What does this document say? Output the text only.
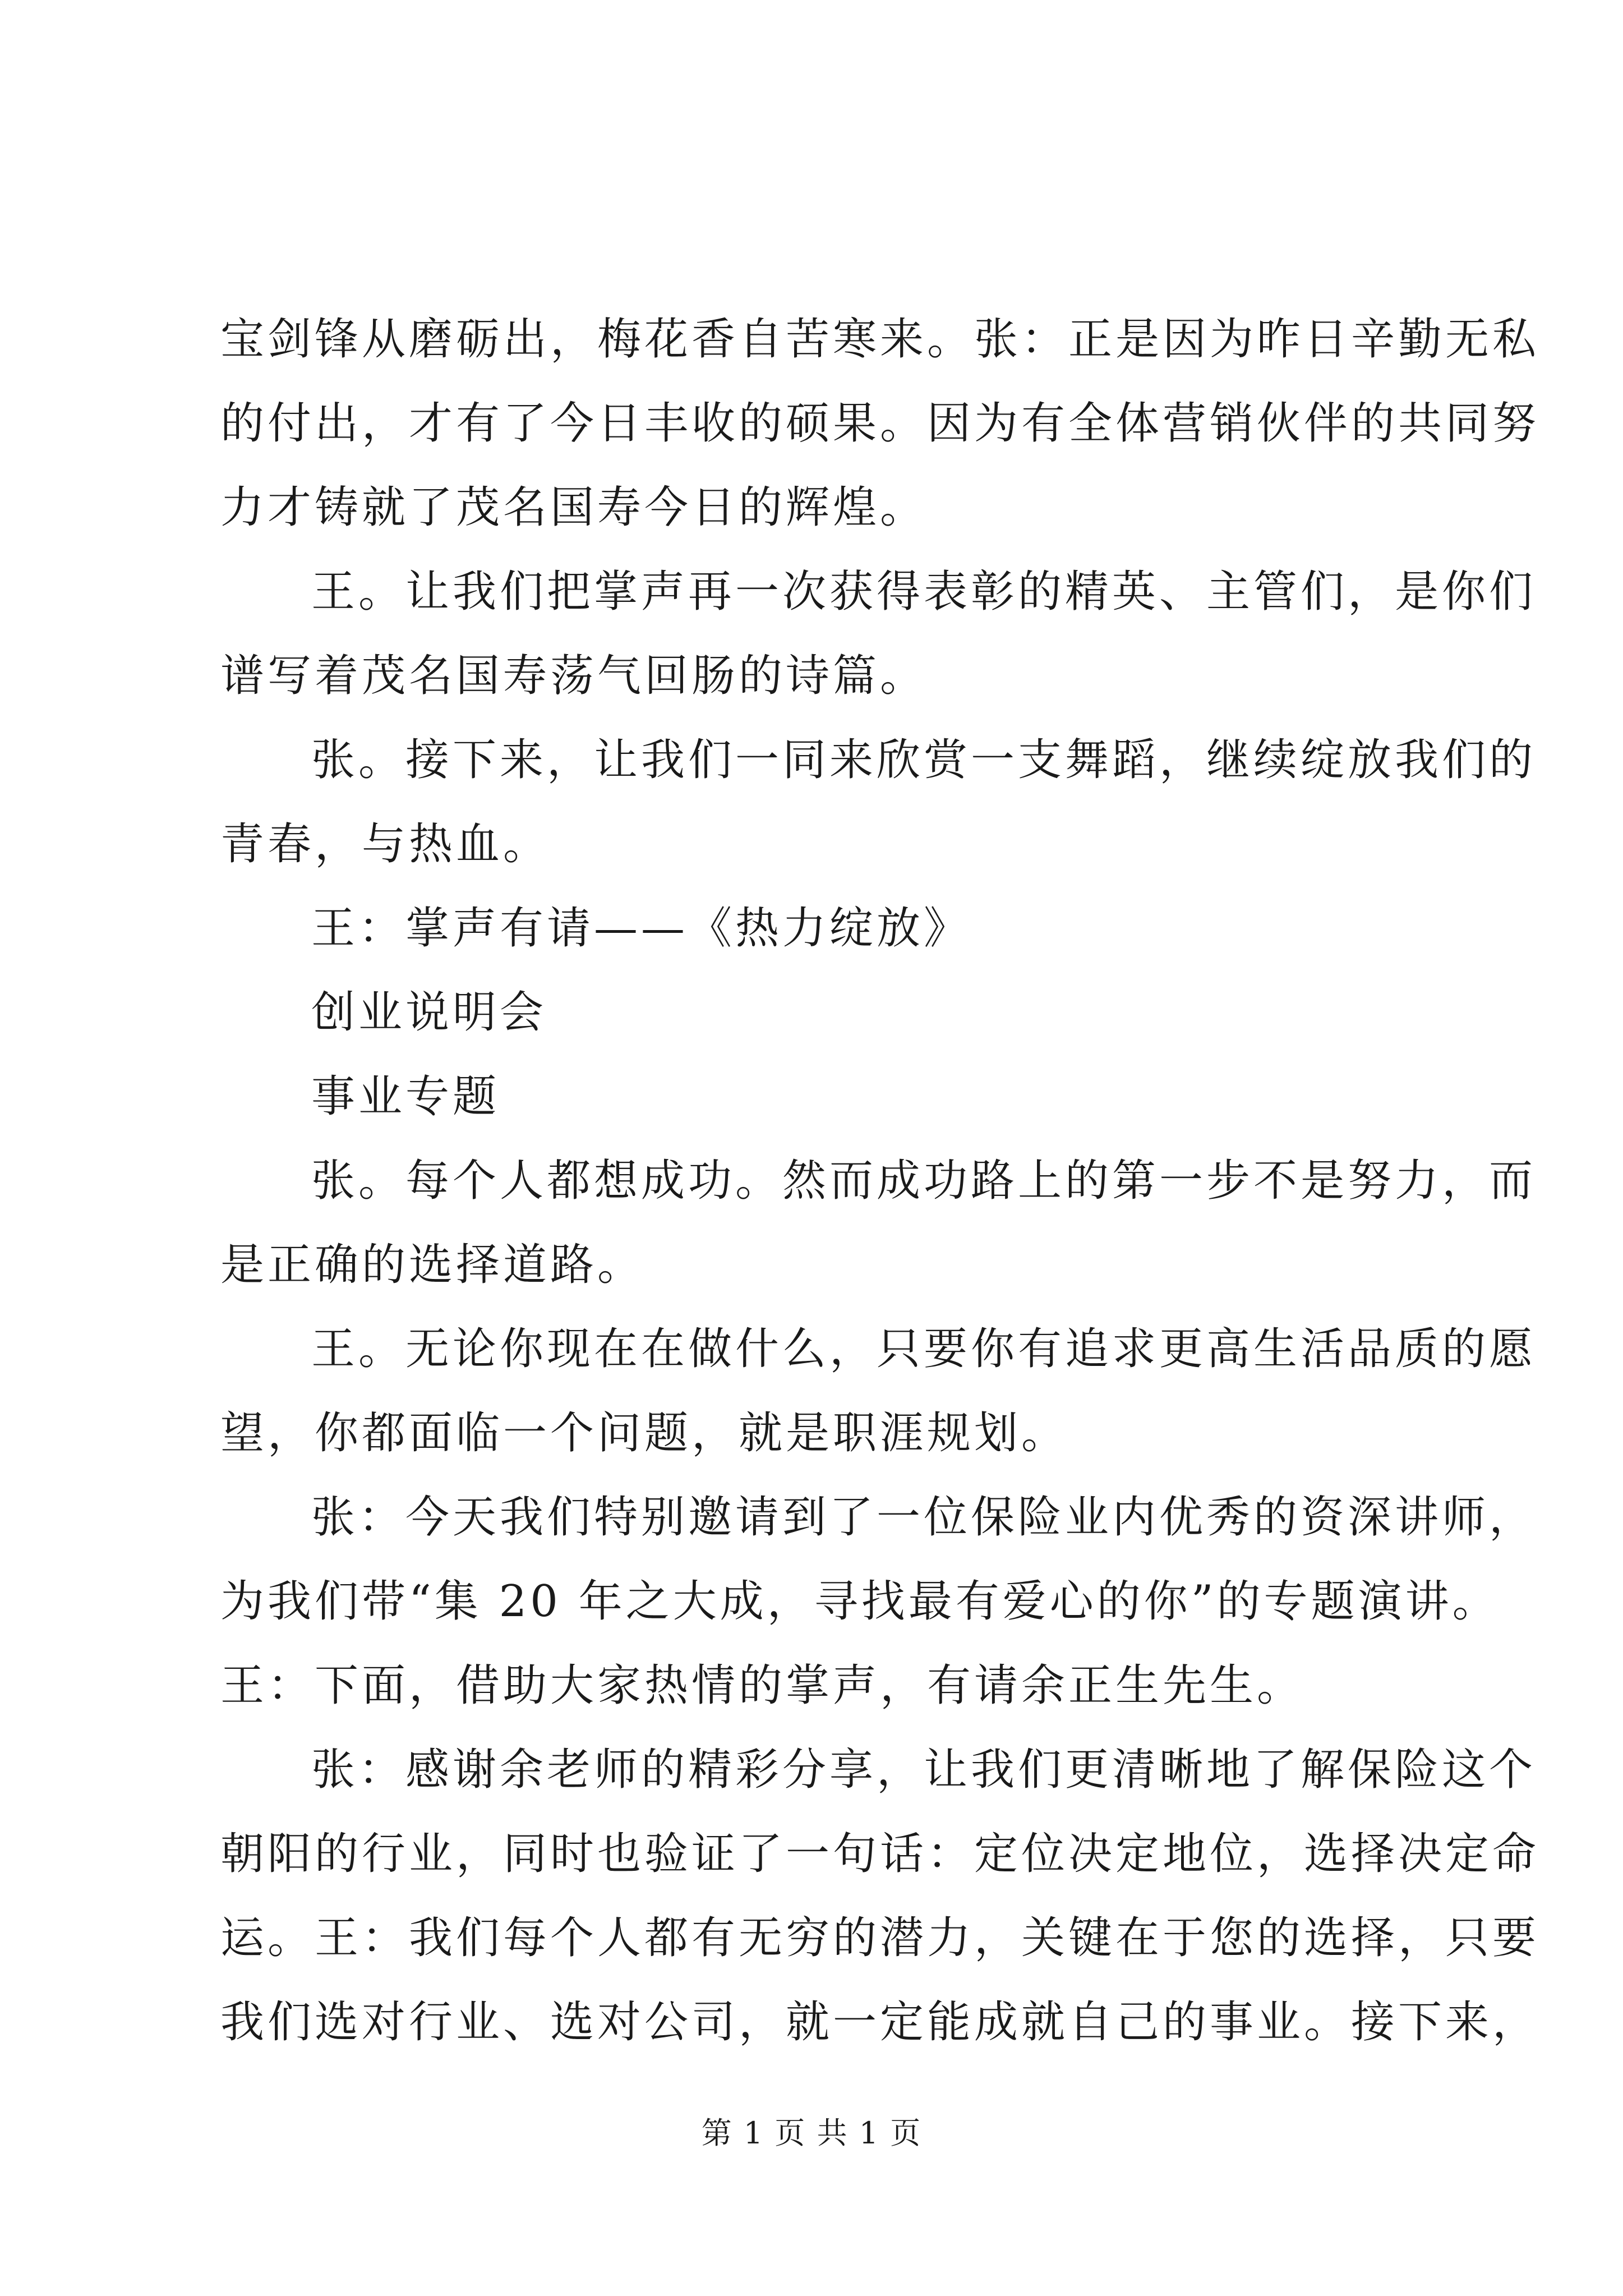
宝剑锋从磨砺出，梅花香自苦寒来。张：正是因为昨日辛勤无私
的付出，才有了今日丰收的硕果。因为有全体营销伙伴的共同努
力才铸就了茂名国寿今日的辉煌。
王。让我们把掌声再一次获得表彰的精英、主管们，是你们
谱写着茂名国寿荡气回肠的诗篇。
张。接下来，让我们一同来欣赏一支舞蹈，继续绽放我们的
青春，与热血。
王：掌声有请——《热力绽放》
创业说明会
事业专题
张。每个人都想成功。然而成功路上的第一步不是努力，而
是正确的选择道路。
王。无论你现在在做什么，只要你有追求更高生活品质的愿
望，你都面临一个问题，就是职涯规划。
张：今天我们特别邀请到了一位保险业内优秀的资深讲师，
为我们带“集 20 年之大成，寻找最有爱心的你”的专题演讲。
王：下面，借助大家热情的掌声，有请余正生先生。
张：感谢余老师的精彩分享，让我们更清晰地了解保险这个
朝阳的行业，同时也验证了一句话：定位决定地位，选择决定命
运。王：我们每个人都有无穷的潜力，关键在于您的选择，只要
我们选对行业、选对公司，就一定能成就自己的事业。接下来，
第 1 页 共 1 页
